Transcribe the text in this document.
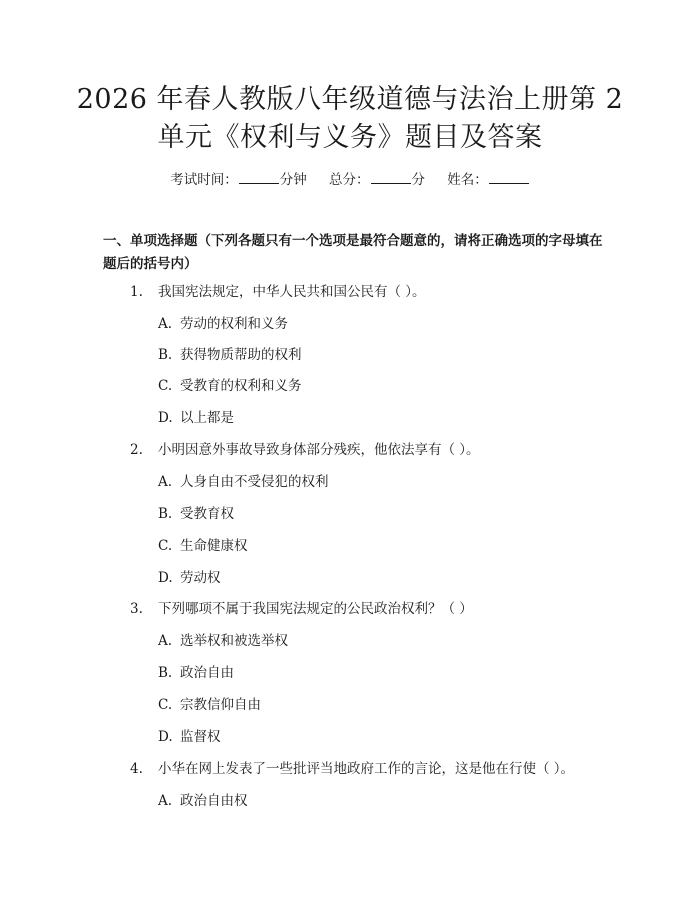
2026 年春人教版八年级道德与法治上册第 2
单元《权利与义务》题目及答案
考试时间：	分钟 总分：	分 姓名：
一、单项选择题（下列各题只有一个选项是最符合题意的，请将正确选项的字母填在题后的括号内）
1. 我国宪法规定，中华人民共和国公民有（ ）。
A. 劳动的权利和义务
B. 获得物质帮助的权利
C. 受教育的权利和义务
D. 以上都是
2. 小明因意外事故导致身体部分残疾，他依法享有（ ）。
A. 人身自由不受侵犯的权利
B. 受教育权
C. 生命健康权
D. 劳动权
3. 下列哪项不属于我国宪法规定的公民政治权利？（ ）
A. 选举权和被选举权
B. 政治自由
C. 宗教信仰自由
D. 监督权
4. 小华在网上发表了一些批评当地政府工作的言论，这是他在行使（ ）。
A. 政治自由权
